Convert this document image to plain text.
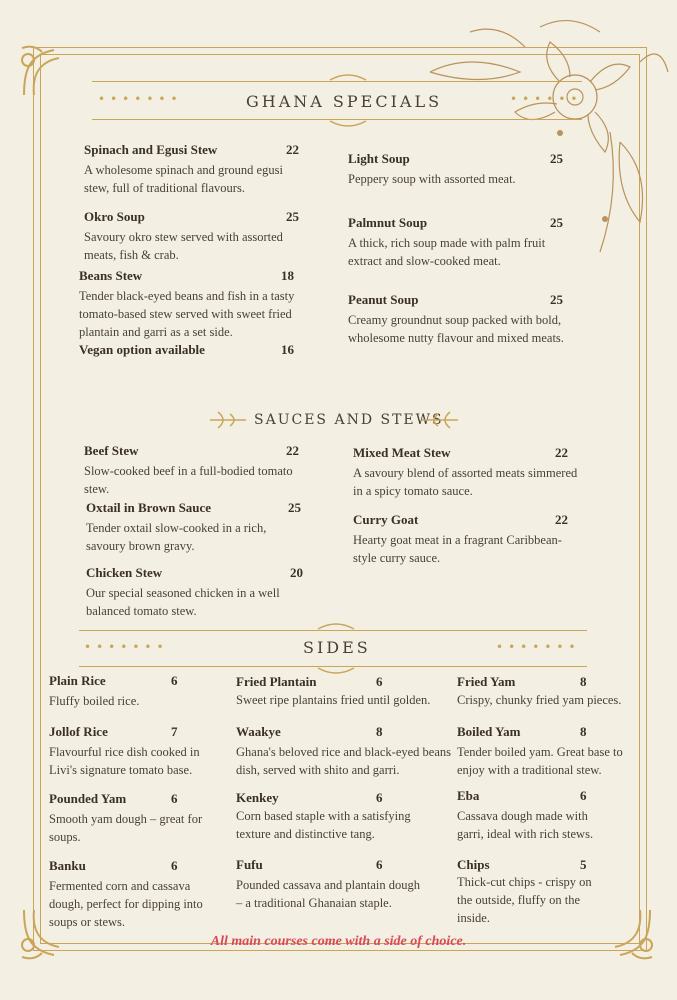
•••••••	GHANA SPECIALS	••••••
Spinach and Egusi Stew	22
A wholesome spinach and ground egusi stew, full of traditional flavours.
Okro Soup	25
Savoury okro stew served with assorted meats, fish & crab.
Beans Stew	18
Tender black-eyed beans and fish in a tasty tomato-based stew served with sweet fried plantain and garri as a set side.
Vegan option available	16
Light Soup	25
Peppery soup with assorted meat.
Palmnut Soup	25
A thick, rich soup made with palm fruit extract and slow-cooked meat.
Peanut Soup	25
Creamy groundnut soup packed with bold, wholesome nutty flavour and mixed meats.
SAUCES AND STEWS
Beef Stew	22
Slow-cooked beef in a full-bodied tomato stew.
Oxtail in Brown Sauce	25
Tender oxtail slow-cooked in a rich, savoury brown gravy.
Chicken Stew	20
Our special seasoned chicken in a well balanced tomato stew.
Mixed Meat Stew	22
A savoury blend of assorted meats simmered in a spicy tomato sauce.
Curry Goat	22
Hearty goat meat in a fragrant Caribbean-style curry sauce.
•••••••	SIDES	•••••••
Plain Rice	6
Fluffy boiled rice.
Jollof Rice	7
Flavourful rice dish cooked in Livi's signature tomato base.
Pounded Yam	6
Smooth yam dough – great for soups.
Banku	6
Fermented corn and cassava dough, perfect for dipping into soups or stews.
Fried Plantain	6
Sweet ripe plantains fried until golden.
Waakye	8
Ghana's beloved rice and black-eyed beans dish, served with shito and garri.
Kenkey	6
Corn based staple with a satisfying texture and distinctive tang.
Fufu	6
Pounded cassava and plantain dough – a traditional Ghanaian staple.
Fried Yam	8
Crispy, chunky fried yam pieces.
Boiled Yam	8
Tender boiled yam. Great base to enjoy with a traditional stew.
Eba	6
Cassava dough made with garri, ideal with rich stews.
Chips	5
Thick-cut chips - crispy on the outside, fluffy on the inside.
All main courses come with a side of choice.
